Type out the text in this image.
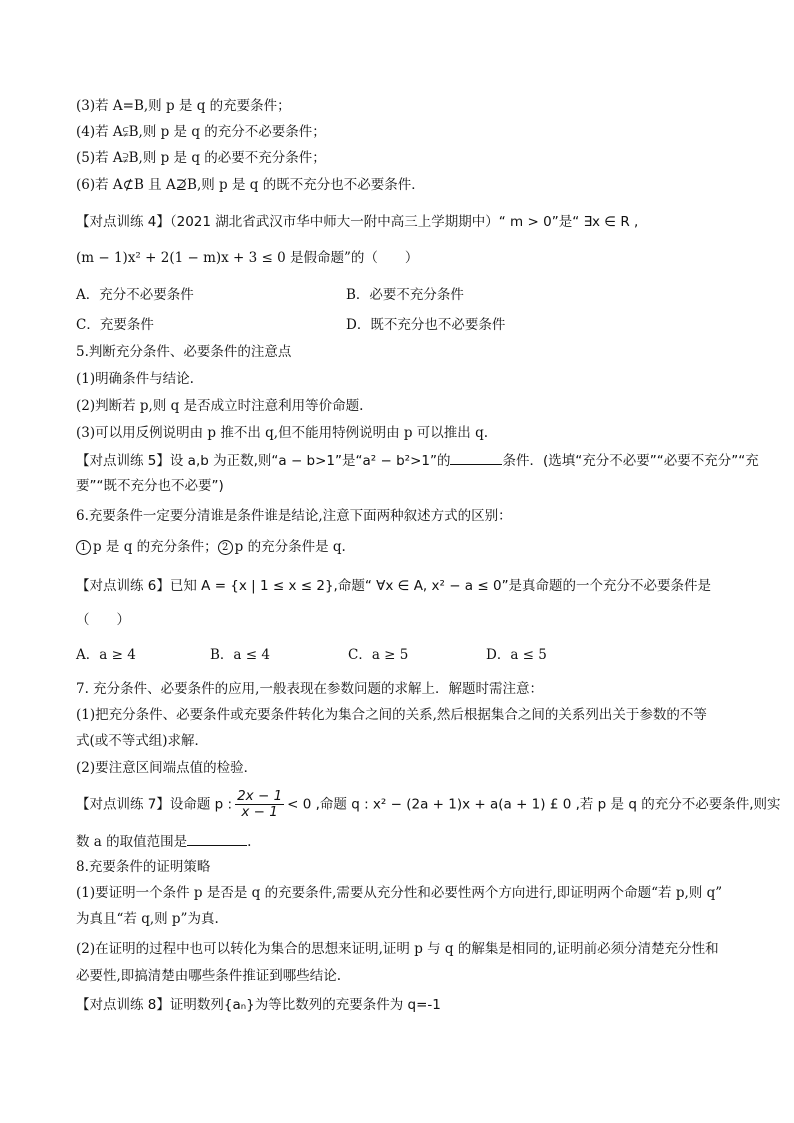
(3)若 A=B,则 p 是 q 的充要条件；
(4)若 A⫋B,则 p 是 q 的充分不必要条件；
(5)若 A⫌B,则 p 是 q 的必要不充分条件；
(6)若 A⊄B 且 A⊉B,则 p 是 q 的既不充分也不必要条件．
【对点训练 4】（2021 湖北省武汉市华中师大一附中高三上学期期中）“ m > 0”是“ ∃x ∈ R ,
(m − 1)x² + 2(1 − m)x + 3 ≤ 0 是假命题”的（　　）
A．充分不必要条件	B．必要不充分条件
C．充要条件	D．既不充分也不必要条件
5.判断充分条件、必要条件的注意点
(1)明确条件与结论.
(2)判断若 p,则 q 是否成立时注意利用等价命题.
(3)可以用反例说明由 p 推不出 q,但不能用特例说明由 p 可以推出 q.
【对点训练 5】设 a,b 为正数,则“a − b>1”是“a² − b²>1”的	条件．(选填“充分不必要”“必要不充分”“充
要”“既不充分也不必要”)
6.充要条件一定要分清谁是条件谁是结论,注意下面两种叙述方式的区别：
1 p 是 q 的充分条件； 2 p 的充分条件是 q.
【对点训练 6】已知 A = {x | 1 ≤ x ≤ 2},命题“ ∀x ∈ A, x² − a ≤ 0”是真命题的一个充分不必要条件是
（　　）
A．a ≥ 4	B．a ≤ 4	C．a ≥ 5	D．a ≤ 5
7. 充分条件、必要条件的应用,一般表现在参数问题的求解上．解题时需注意：
(1)把充分条件、必要条件或充要条件转化为集合之间的关系,然后根据集合之间的关系列出关于参数的不等
式(或不等式组)求解．
(2)要注意区间端点值的检验．
【对点训练 7】设命题 p : $\frac{2x - 1}{x - 1} < 0$ ,命题 q : x² − (2a + 1)x + a(a + 1) £ 0 ,若 p 是 q 的充分不必要条件,则实
数 a 的取值范围是	.
8.充要条件的证明策略
(1)要证明一个条件 p 是否是 q 的充要条件,需要从充分性和必要性两个方向进行,即证明两个命题“若 p,则 q”
为真且“若 q,则 p”为真.
(2)在证明的过程中也可以转化为集合的思想来证明,证明 p 与 q 的解集是相同的,证明前必须分清楚充分性和
必要性,即搞清楚由哪些条件推证到哪些结论.
【对点训练 8】证明数列{aₙ}为等比数列的充要条件为 q=-1
